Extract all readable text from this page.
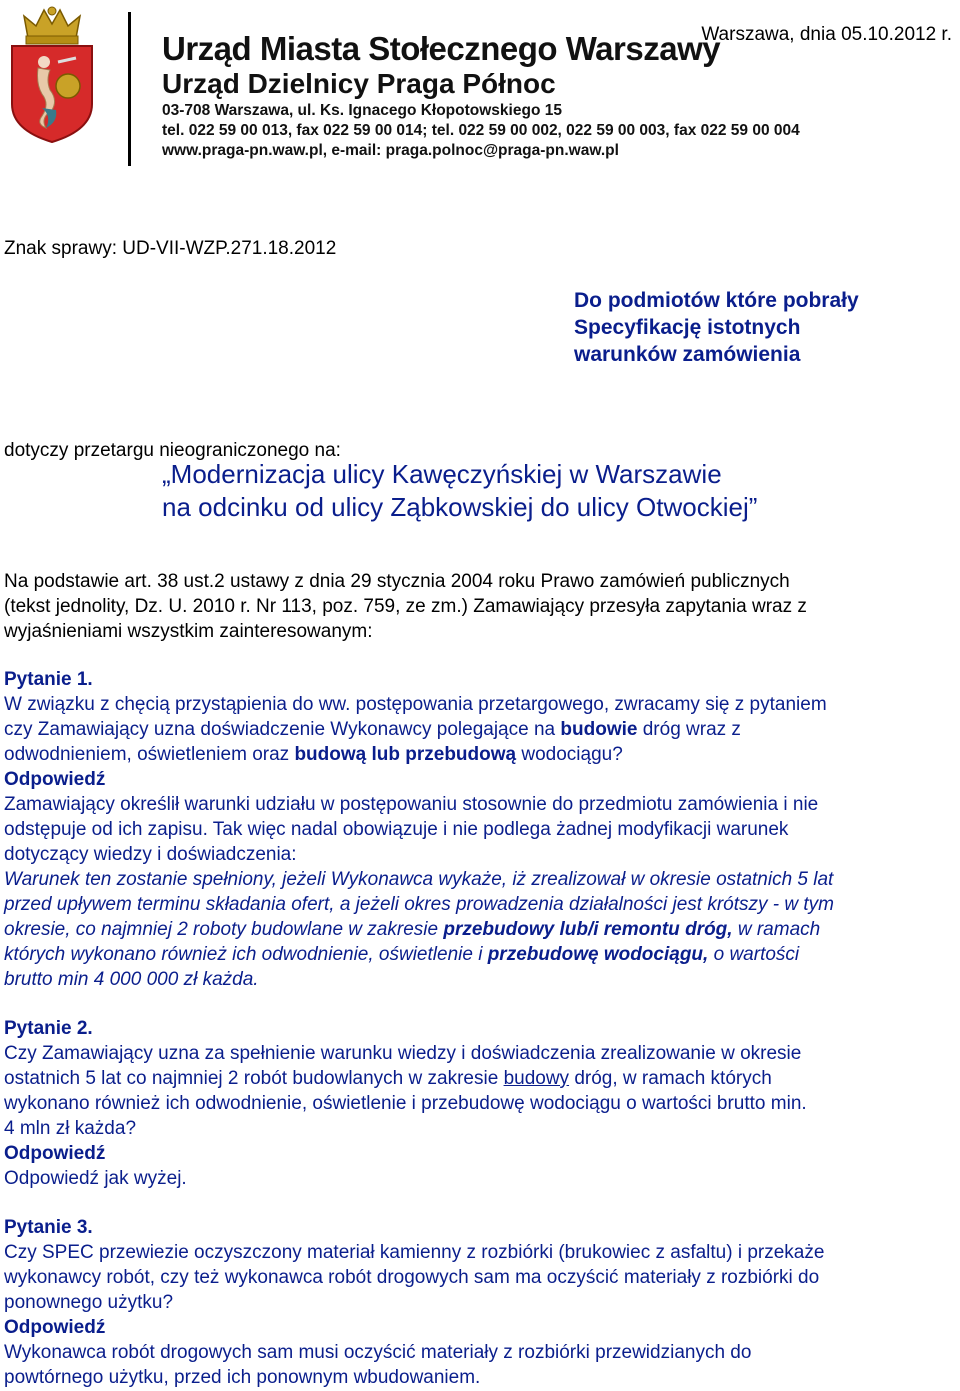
Urząd Miasta Stołecznego Warszawy
Urząd Dzielnicy Praga Północ
03-708 Warszawa, ul. Ks. Ignacego Kłopotowskiego 15
tel. 022 59 00 013, fax 022 59 00 014; tel. 022 59 00 002, 022 59 00 003, fax 022 59 00 004
www.praga-pn.waw.pl, e-mail: praga.polnoc@praga-pn.waw.pl
Warszawa, dnia 05.10.2012 r.
Znak sprawy: UD-VII-WZP.271.18.2012
Do podmiotów które pobrały
Specyfikację istotnych
warunków zamówienia
dotyczy przetargu nieograniczonego na:
„Modernizacja ulicy Kawęczyńskiej w Warszawie
na odcinku od ulicy Ząbkowskiej do ulicy Otwockiej”
Na podstawie art. 38 ust.2 ustawy z dnia 29 stycznia 2004 roku Prawo zamówień publicznych
(tekst jednolity, Dz. U. 2010 r. Nr 113, poz. 759, ze zm.) Zamawiający przesyła zapytania wraz z
wyjaśnieniami wszystkim zainteresowanym:
Pytanie 1.
W związku z chęcią przystąpienia do ww. postępowania przetargowego, zwracamy się z pytaniem
czy Zamawiający uzna doświadczenie Wykonawcy polegające na budowie dróg wraz z
odwodnieniem, oświetleniem oraz budową lub przebudową wodociągu?
Odpowiedź
Zamawiający określił warunki udziału w postępowaniu stosownie do przedmiotu zamówienia i nie
odstępuje od ich zapisu. Tak więc nadal obowiązuje i nie podlega żadnej modyfikacji warunek
dotyczący wiedzy i doświadczenia:
Warunek ten zostanie spełniony, jeżeli Wykonawca wykaże, iż zrealizował w okresie ostatnich 5 lat
przed upływem terminu składania ofert, a jeżeli okres prowadzenia działalności jest krótszy - w tym
okresie, co najmniej 2 roboty budowlane w zakresie przebudowy lub/i remontu dróg, w ramach
których wykonano również ich odwodnienie, oświetlenie i przebudowę wodociągu, o wartości
brutto min 4 000 000 zł każda.
Pytanie 2.
Czy Zamawiający uzna za spełnienie warunku wiedzy i doświadczenia zrealizowanie w okresie
ostatnich 5 lat co najmniej 2 robót budowlanych w zakresie budowy dróg, w ramach których
wykonano również ich odwodnienie, oświetlenie i przebudowę wodociągu o wartości brutto min.
4 mln zł każda?
Odpowiedź
Odpowiedź jak wyżej.
Pytanie 3.
Czy SPEC przewiezie oczyszczony materiał kamienny z rozbiórki (brukowiec z asfaltu) i przekaże
wykonawcy robót, czy też wykonawca robót drogowych sam ma oczyścić materiały z rozbiórki do
ponownego użytku?
Odpowiedź
Wykonawca robót drogowych sam musi oczyścić materiały z rozbiórki przewidzianych do
powtórnego użytku, przed ich ponownym wbudowaniem.
